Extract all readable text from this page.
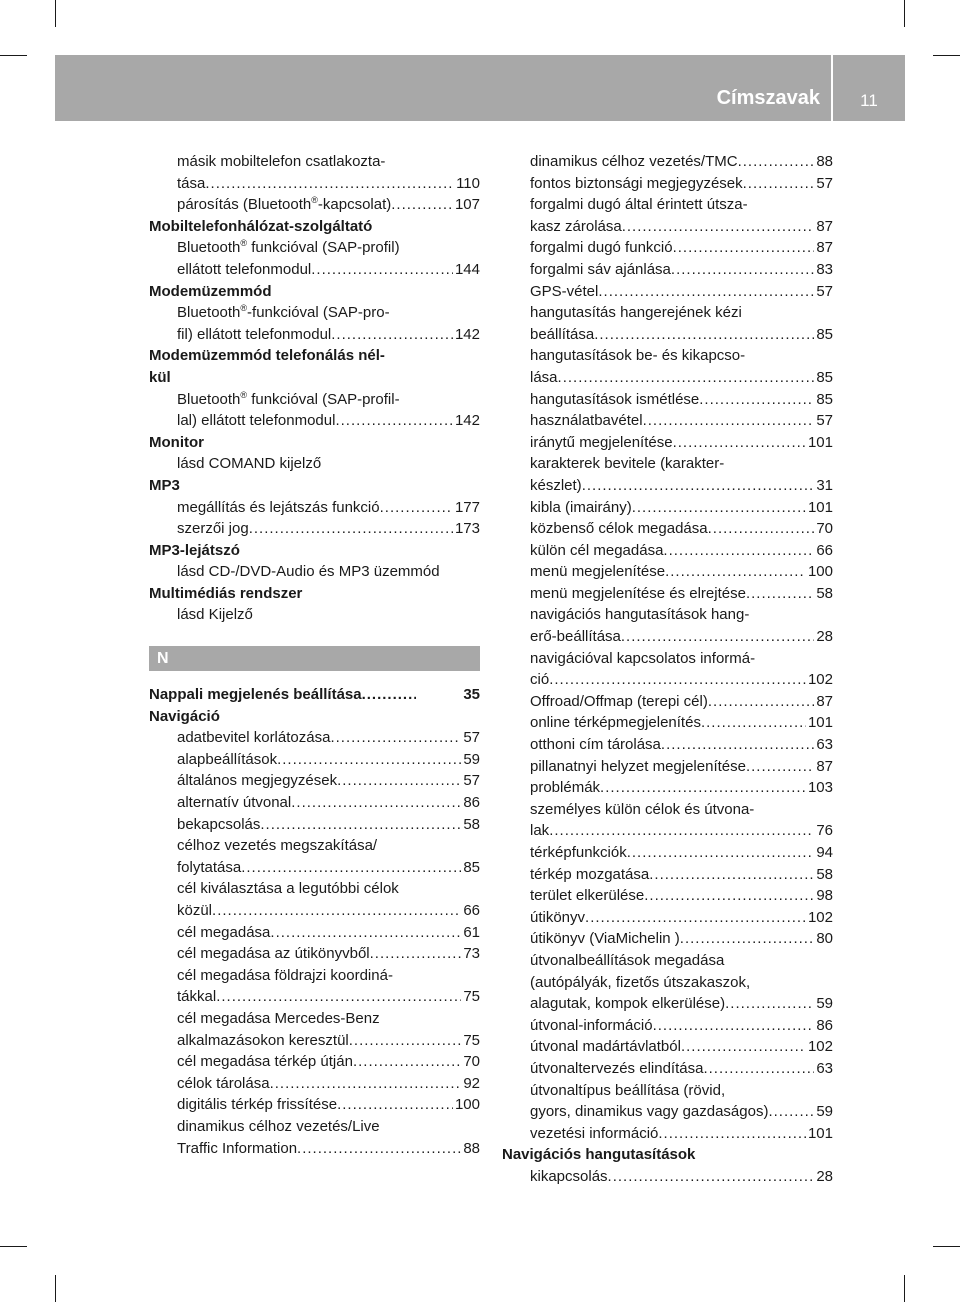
Címszavak	11
másik mobiltelefon csatlakozta-
tása .....	110
párosítás (Bluetooth®-kapcsolat) .....	107
Mobiltelefonhálózat-szolgáltató
Bluetooth® funkcióval (SAP-profil)
ellátott telefonmodul .....	144
Modemüzemmód
Bluetooth®-funkcióval (SAP-pro-
fil) ellátott telefonmodul .....	142
Modemüzemmód telefonálás nél-
kül
Bluetooth® funkcióval (SAP-profil-
lal) ellátott telefonmodul .....	142
Monitor
lásd COMAND kijelző
MP3
megállítás és lejátszás funkció .....	177
szerzői jog .....	173
MP3-lejátszó
lásd CD-/DVD-Audio és MP3 üzemmód
Multimédiás rendszer
lásd Kijelző
N
Nappali megjelenés beállítása .....	35
Navigáció
adatbevitel korlátozása .....	57
alapbeállítások .....	59
általános megjegyzések .....	57
alternatív útvonal .....	86
bekapcsolás .....	58
célhoz vezetés megszakítása/
folytatása .....	85
cél kiválasztása a legutóbbi célok
közül .....	66
cél megadása .....	61
cél megadása az útikönyvből .....	73
cél megadása földrajzi koordiná-
tákkal .....	75
cél megadása Mercedes-Benz
alkalmazásokon keresztül .....	75
cél megadása térkép útján .....	70
célok tárolása .....	92
digitális térkép frissítése .....	100
dinamikus célhoz vezetés/Live
Traffic Information .....	88
dinamikus célhoz vezetés/TMC .....	88
fontos biztonsági megjegyzések .....	57
forgalmi dugó által érintett útsza-
kasz zárolása .....	87
forgalmi dugó funkció .....	87
forgalmi sáv ajánlása .....	83
GPS-vétel .....	57
hangutasítás hangerejének kézi
beállítása .....	85
hangutasítások be- és kikapcso-
lása .....	85
hangutasítások ismétlése .....	85
használatbavétel .....	57
iránytű megjelenítése .....	101
karakterek bevitele (karakter-
készlet) .....	31
kibla (imairány) .....	101
közbenső célok megadása .....	70
külön cél megadása .....	66
menü megjelenítése .....	100
menü megjelenítése és elrejtése .....	58
navigációs hangutasítások hang-
erő-beállítása .....	28
navigációval kapcsolatos informá-
ció .....	102
Offroad/Offmap (terepi cél) .....	87
online térképmegjelenítés .....	101
otthoni cím tárolása .....	63
pillanatnyi helyzet megjelenítése .....	87
problémák .....	103
személyes külön célok és útvona-
lak .....	76
térképfunkciók .....	94
térkép mozgatása .....	58
terület elkerülése .....	98
útikönyv .....	102
útikönyv (ViaMichelin ) .....	80
útvonalbeállítások megadása
(autópályák, fizetős útszakaszok,
alagutak, kompok elkerülése) .....	59
útvonal-információ .....	86
útvonal madártávlatból .....	102
útvonaltervezés elindítása .....	63
útvonaltípus beállítása (rövid,
gyors, dinamikus vagy gazdaságos) .....	59
vezetési információ .....	101
Navigációs hangutasítások
kikapcsolás .....	28
